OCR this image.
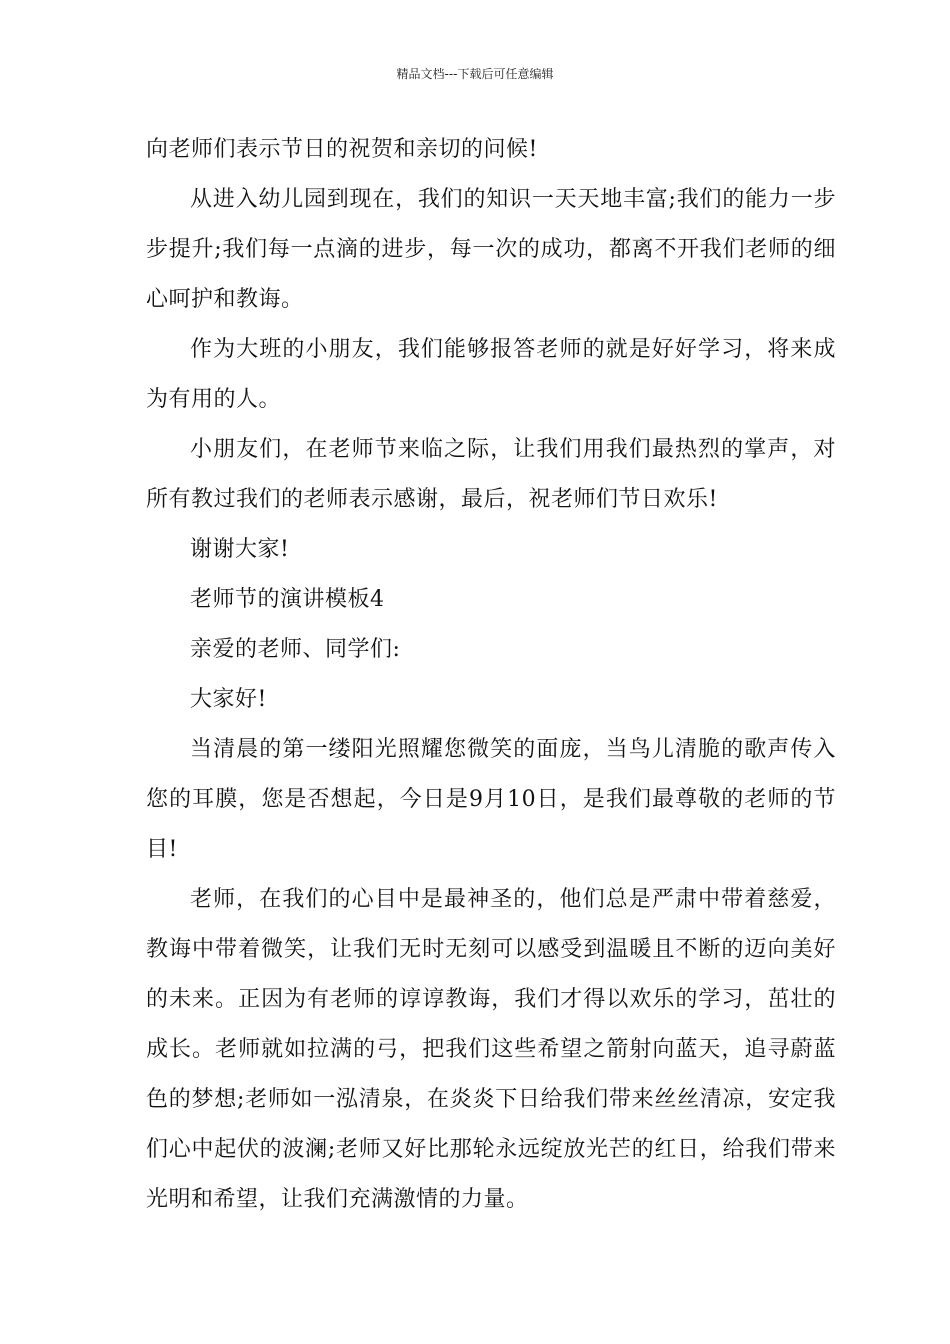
精品文档---下载后可任意编辑

向老师们表示节日的祝贺和亲切的问候!

从进入幼儿园到现在，我们的知识一天天地丰富;我们的能力一步步提升;我们每一点滴的进步，每一次的成功，都离不开我们老师的细心呵护和教诲。

作为大班的小朋友，我们能够报答老师的就是好好学习，将来成为有用的人。

小朋友们，在老师节来临之际，让我们用我们最热烈的掌声，对所有教过我们的老师表示感谢，最后，祝老师们节日欢乐!

谢谢大家!

老师节的演讲模板4

亲爱的老师、同学们:

大家好!

当清晨的第一缕阳光照耀您微笑的面庞，当鸟儿清脆的歌声传入您的耳膜，您是否想起，今日是9月10日，是我们最尊敬的老师的节目!

老师，在我们的心目中是最神圣的，他们总是严肃中带着慈爱，教诲中带着微笑，让我们无时无刻可以感受到温暖且不断的迈向美好的未来。正因为有老师的谆谆教诲，我们才得以欢乐的学习，茁壮的成长。老师就如拉满的弓，把我们这些希望之箭射向蓝天，追寻蔚蓝色的梦想;老师如一泓清泉，在炎炎下日给我们带来丝丝清凉，安定我们心中起伏的波澜;老师又好比那轮永远绽放光芒的红日，给我们带来光明和希望，让我们充满激情的力量。
